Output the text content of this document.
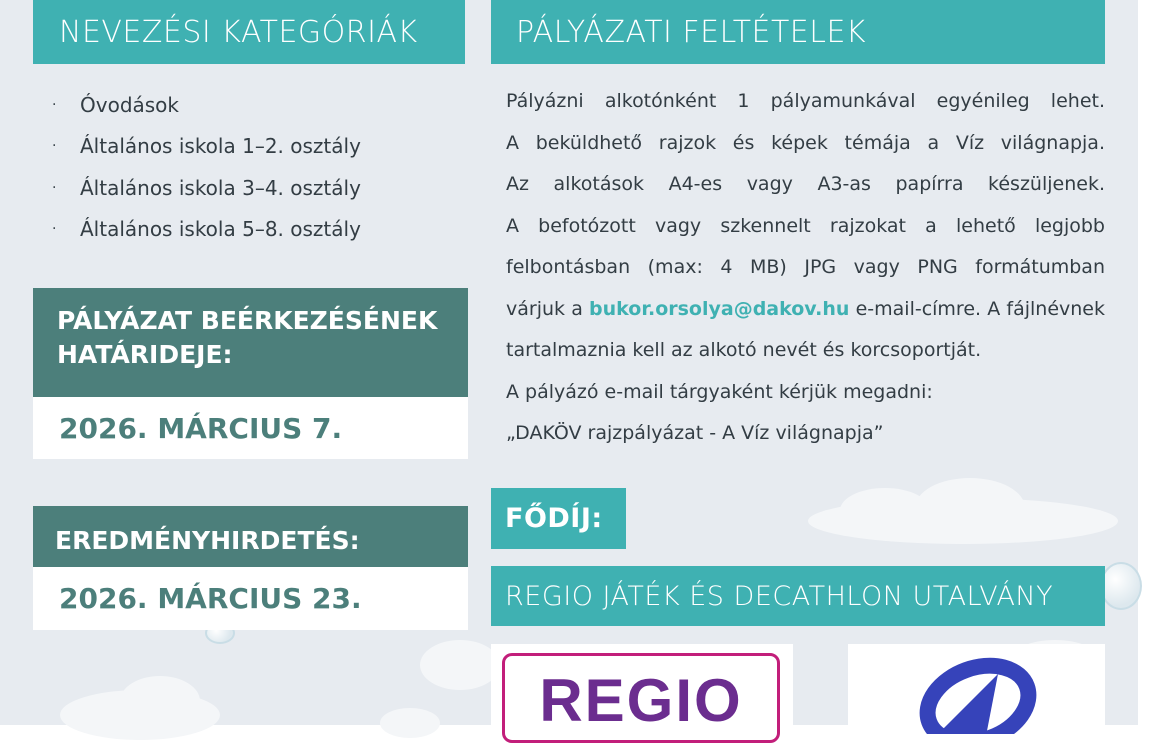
NEVEZÉSI KATEGÓRIÁK
·	Óvodások
·	Általános iskola 1–2. osztály
·	Általános iskola 3–4. osztály
·	Általános iskola 5–8. osztály
PÁLYÁZAT BEÉRKEZÉSÉNEK
HATÁRIDEJE:
2026. MÁRCIUS 7.
EREDMÉNYHIRDETÉS:
2026. MÁRCIUS 23.
PÁLYÁZATI FELTÉTELEK

Pályázni alkotónként 1 pályamunkával egyénileg lehet.

A beküldhető rajzok és képek témája a Víz világnapja.

Az alkotások A4-es vagy A3-as papírra készüljenek.

A befotózott vagy szkennelt rajzokat a lehető legjobb

felbontásban (max: 4 MB) JPG vagy PNG formátumban

várjuk a bukor.orsolya@dakov.hu e-mail-címre. A fájlnévnek

tartalmaznia kell az alkotó nevét és korcsoportját.

A pályázó e-mail tárgyaként kérjük megadni:

„DAKÖV rajzpályázat - A Víz világnapja”

FŐDÍJ:
REGIO JÁTÉK ÉS DECATHLON UTALVÁNY
REGIO
